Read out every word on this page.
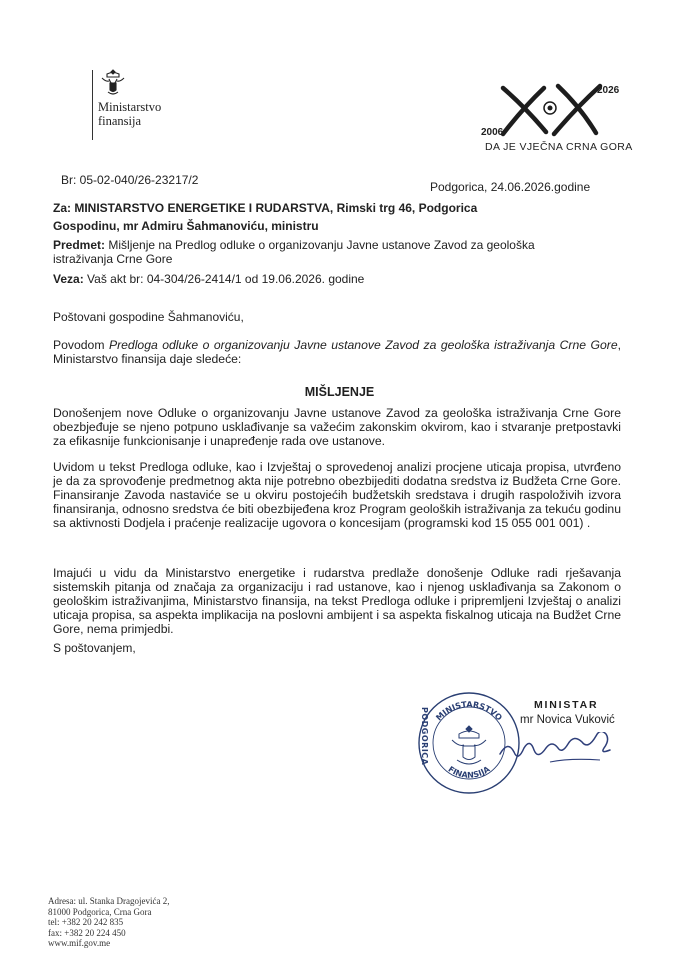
Ministarstvo
finansija
2026
2006
DA JE VJEČNA CRNA GORA
Br: 05-02-040/26-23217/2	Podgorica, 24.06.2026.godine
Za: MINISTARSTVO ENERGETIKE I RUDARSTVA, Rimski trg 46, Podgorica
Gospodinu, mr Admiru Šahmanoviću, ministru
Predmet: Mišljenje na Predlog odluke o organizovanju Javne ustanove Zavod za geološka
istraživanja Crne Gore
Veza: Vaš akt br: 04-304/26-2414/1 od 19.06.2026. godine
Poštovani gospodine Šahmanoviću,
Povodom Predloga odluke o organizovanju Javne ustanove Zavod za geološka istraživanja Crne Gore, Ministarstvo finansija daje sledeće:
MIŠLJENJE
Donošenjem nove Odluke o organizovanju Javne ustanove Zavod za geološka istraživanja Crne Gore obezbjeđuje se njeno potpuno usklađivanje sa važećim zakonskim okvirom, kao i stvaranje pretpostavki za efikasnije funkcionisanje i unapređenje rada ove ustanove.
Uvidom u tekst Predloga odluke, kao i Izvještaj o sprovedenoj analizi procjene uticaja propisa, utvrđeno je da za sprovođenje predmetnog akta nije potrebno obezbijediti dodatna sredstva iz Budžeta Crne Gore. Finansiranje Zavoda nastaviće se u okviru postojećih budžetskih sredstava i drugih raspoloživih izvora finansiranja, odnosno sredstva će biti obezbijeđena kroz Program geoloških istraživanja za tekuću godinu sa aktivnosti Dodjela i praćenje realizacije ugovora o koncesijam (programski kod 15 055 001 001) .
Imajući u vidu da Ministarstvo energetike i rudarstva predlaže donošenje Odluke radi rješavanja sistemskih pitanja od značaja za organizaciju i rad ustanove, kao i njenog usklađivanja sa Zakonom o geološkim istraživanjima, Ministarstvo finansija, na tekst Predloga odluke i pripremljeni Izvještaj o analizi uticaja propisa, sa aspekta implikacija na poslovni ambijent i sa aspekta fiskalnog uticaja na Budžet Crne Gore, nema primjedbi.
S poštovanjem,
MINISTAR
mr Novica Vuković
MINISTARSTVO
FINANSIJA
PODGORICA
Adresa: ul. Stanka Dragojevića 2,
81000 Podgorica, Crna Gora
tel: +382 20 242 835
fax: +382 20 224 450
www.mif.gov.me
